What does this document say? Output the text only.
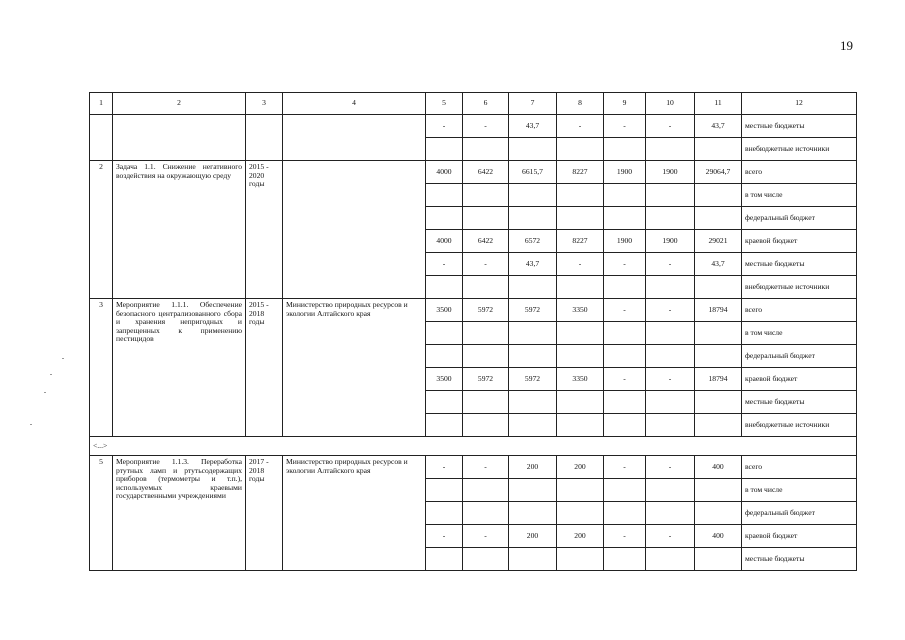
19
1	2	3	4	5	6	7	8	9	10	11	12
				-	-	43,7	-	-	-	43,7	местные бюджеты
											внебюджетные источники
2	Задача 1.1. Снижение негативного воздействия на окружающую среду	2015 - 2020 годы		4000	6422	6615,7	8227	1900	1900	29064,7	всего
											в том числе
											федеральный бюджет
				4000	6422	6572	8227	1900	1900	29021	краевой бюджет
				-	-	43,7	-	-	-	43,7	местные бюджеты
											внебюджетные источники
3	Мероприятие 1.1.1. Обеспечение безопасного централизованного сбора и хранения непригодных и запрещенных к применению пестицидов	2015 - 2018 годы	Министерство природных ресурсов и экологии Алтайского края	3500	5972	5972	3350	-	-	18794	всего
											в том числе
											федеральный бюджет
				3500	5972	5972	3350	-	-	18794	краевой бюджет
											местные бюджеты
											внебюджетные источники
<...>											
5	Мероприятие 1.1.3. Переработка ртутных ламп и ртутьсодержащих приборов (термометры и т.п.), используемых краевыми государственными учреждениями	2017 - 2018 годы	Министерство природных ресурсов и экологии Алтайского края	-	-	200	200	-	-	400	всего
											в том числе
											федеральный бюджет
				-	-	200	200	-	-	400	краевой бюджет
											местные бюджеты
